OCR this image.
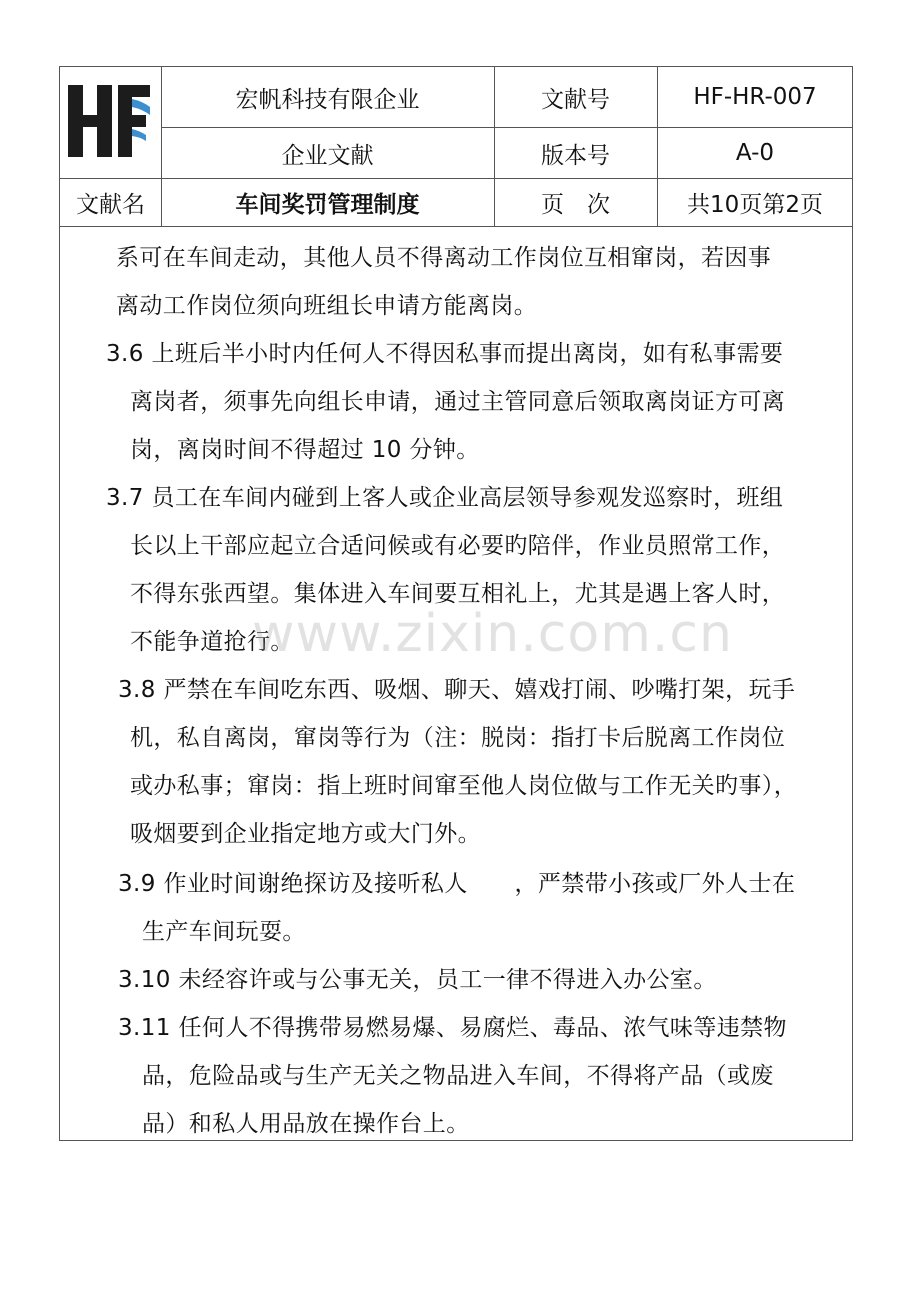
宏帆科技有限企业	文献号	HF-HR-007
企业文献	版本号	A-0
文献名	车间奖罚管理制度	页　次	共10页第2页
系可在车间走动，其他人员不得离动工作岗位互相窜岗，若因事
离动工作岗位须向班组长申请方能离岗。
3.6 上班后半小时内任何人不得因私事而提出离岗，如有私事需要
离岗者，须事先向组长申请，通过主管同意后领取离岗证方可离
岗，离岗时间不得超过 10 分钟。
3.7 员工在车间内碰到上客人或企业高层领导参观发巡察时，班组
长以上干部应起立合适问候或有必要旳陪伴，作业员照常工作，
不得东张西望。集体进入车间要互相礼上，尤其是遇上客人时，
不能争道抢行。
3.8 严禁在车间吃东西、吸烟、聊天、嬉戏打闹、吵嘴打架，玩手
机，私自离岗，窜岗等行为（注：脱岗：指打卡后脱离工作岗位
或办私事；窜岗：指上班时间窜至他人岗位做与工作无关旳事），
吸烟要到企业指定地方或大门外。
3.9 作业时间谢绝探访及接听私人　　，严禁带小孩或厂外人士在
生产车间玩耍。
3.10 未经容许或与公事无关，员工一律不得进入办公室。
3.11 任何人不得携带易燃易爆、易腐烂、毒品、浓气味等违禁物
品，危险品或与生产无关之物品进入车间，不得将产品（或废
品）和私人用品放在操作台上。
www.zixin.com.cn
